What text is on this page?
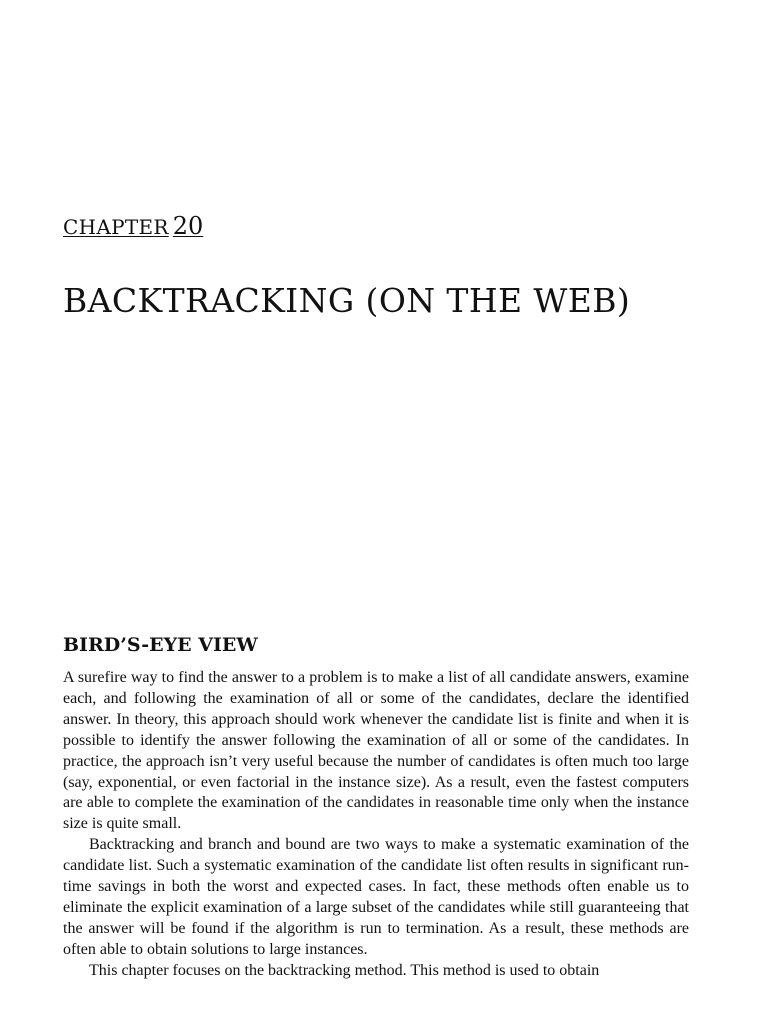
CHAPTER 20
BACKTRACKING (ON THE WEB)
BIRD’S-EYE VIEW

A surefire way to find the answer to a problem is to make a list of all candidate answers, examine each, and following the examination of all or some of the candidates, declare the identified answer. In theory, this approach should work whenever the candidate list is finite and when it is possible to identify the answer following the examination of all or some of the candidates. In practice, the approach isn’t very useful because the number of candidates is often much too large (say, exponential, or even factorial in the instance size). As a result, even the fastest computers are able to complete the examination of the candidates in reasonable time only when the instance size is quite small.

Backtracking and branch and bound are two ways to make a systematic examination of the candidate list. Such a systematic examination of the candidate list often results in significant run-time savings in both the worst and expected cases. In fact, these methods often enable us to eliminate the explicit examination of a large subset of the candidates while still guaranteeing that the answer will be found if the algorithm is run to termination. As a result, these methods are often able to obtain solutions to large instances.

This chapter focuses on the backtracking method. This method is used to obtain
